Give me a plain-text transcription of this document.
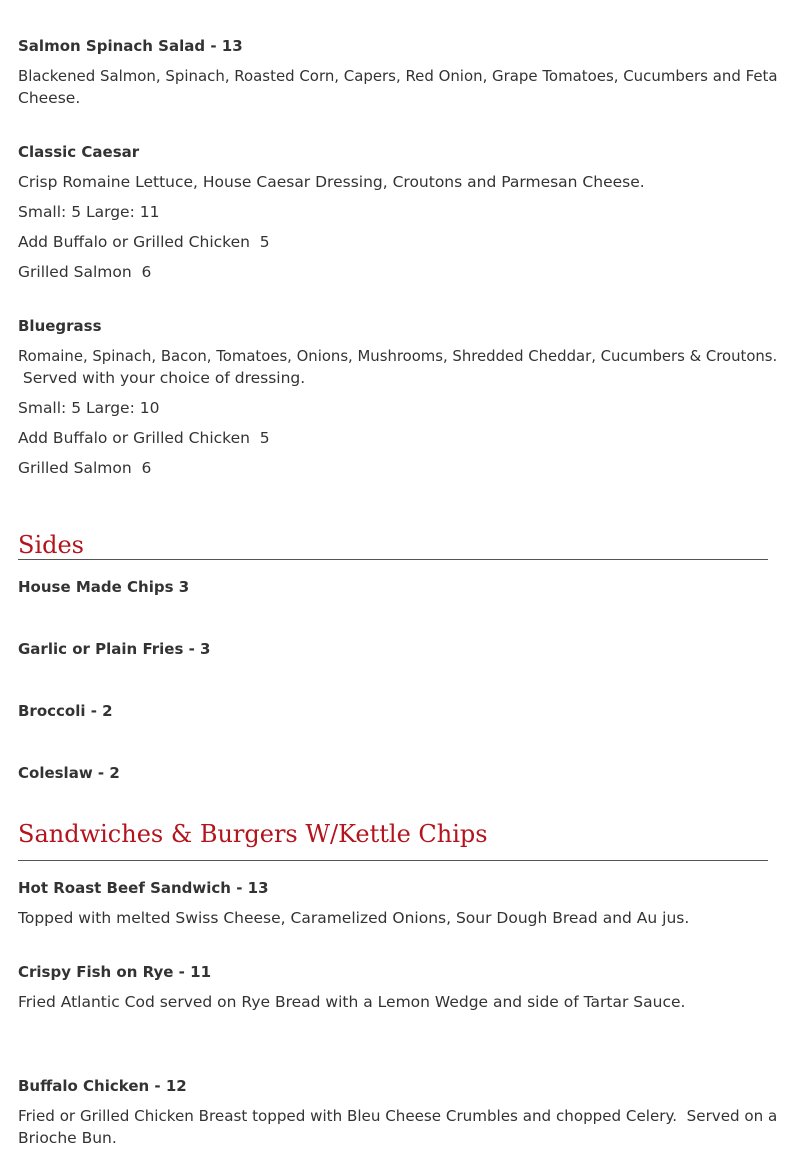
Salmon Spinach Salad - 13
Blackened Salmon, Spinach, Roasted Corn, Capers, Red Onion, Grape Tomatoes, Cucumbers and Feta
Cheese.
Classic Caesar
Crisp Romaine Lettuce, House Caesar Dressing, Croutons and Parmesan Cheese.
Small: 5 Large: 11
Add Buffalo or Grilled Chicken  5
Grilled Salmon  6
Bluegrass
Romaine, Spinach, Bacon, Tomatoes, Onions, Mushrooms, Shredded Cheddar, Cucumbers & Croutons.
Served with your choice of dressing.
Small: 5 Large: 10
Add Buffalo or Grilled Chicken  5
Grilled Salmon  6
Sides
House Made Chips 3
Garlic or Plain Fries - 3
Broccoli - 2
Coleslaw - 2
Sandwiches & Burgers W/Kettle Chips
Hot Roast Beef Sandwich - 13
Topped with melted Swiss Cheese, Caramelized Onions, Sour Dough Bread and Au jus.
Crispy Fish on Rye - 11
Fried Atlantic Cod served on Rye Bread with a Lemon Wedge and side of Tartar Sauce.
Buffalo Chicken - 12
Fried or Grilled Chicken Breast topped with Bleu Cheese Crumbles and chopped Celery.  Served on a
Brioche Bun.
